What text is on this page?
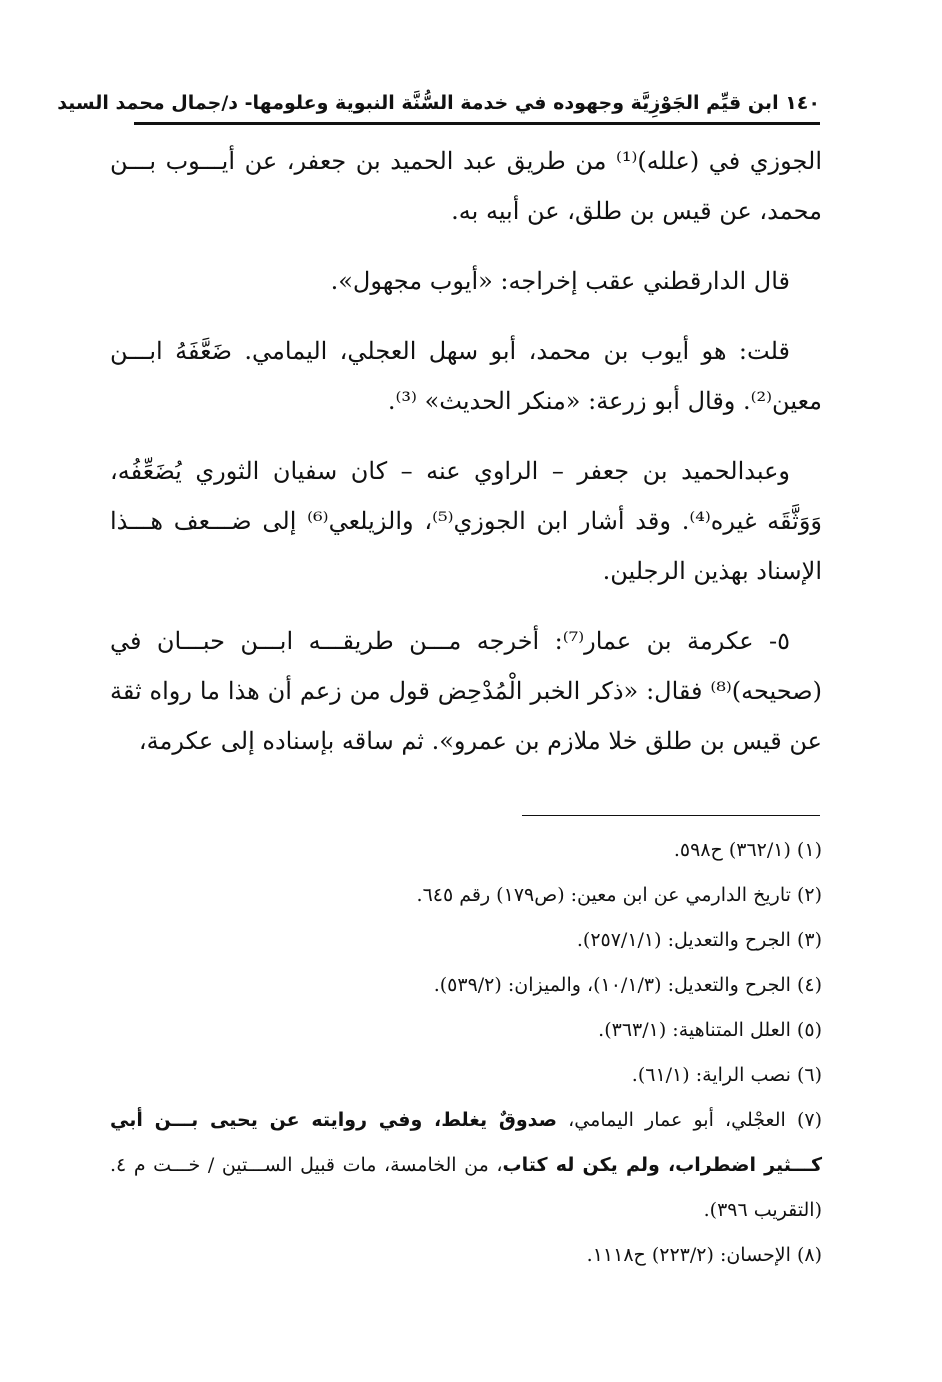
١٤٠ ابن قيِّم الجَوْزِيَّة وجهوده في خدمة السُّنَّة النبوية وعلومها- د/جمال محمد السيد

الجوزي في (علله)⁽¹⁾ من طريق عبد الحميد بن جعفر، عن أيـــوب بـــن محمد، عن قيس بن طلق، عن أبيه به.

قال الدارقطني عقب إخراجه: «أيوب مجهول».

قلت: هو أيوب بن محمد، أبو سهل العجلي، اليمامي. ضَعَّفَهُ ابـــن معين⁽²⁾. وقال أبو زرعة: «منكر الحديث» ⁽³⁾.

وعبدالحميد بن جعفر – الراوي عنه – كان سفيان الثوري يُضَعِّفُه، وَوَثَّقَه غيره⁽⁴⁾. وقد أشار ابن الجوزي⁽⁵⁾، والزيلعي⁽⁶⁾ إلى ضـــعف هـــذا الإسناد بهذين الرجلين.

٥- عكرمة بن عمار⁽⁷⁾: أخرجه مـــن طريقـــه ابـــن حبـــان في (صحيحه)⁽⁸⁾ فقال: «ذكر الخبر الْمُدْحِض قول من زعم أن هذا ما رواه ثقة عن قيس بن طلق خلا ملازم بن عمرو». ثم ساقه بإسناده إلى عكرمة،

(١) (٣٦٢/١) ح٥٩٨.

(٢) تاريخ الدارمي عن ابن معين: (ص١٧٩) رقم ٦٤٥.

(٣) الجرح والتعديل: (٢٥٧/١/١).

(٤) الجرح والتعديل: (١٠/١/٣)، والميزان: (٥٣٩/٢).

(٥) العلل المتناهية: (٣٦٣/١).

(٦) نصب الراية: (٦١/١).

(٧) العجْلي، أبو عمار اليمامي، صدوقٌ يغلط، وفي روايته عن يحيى بـــن أبي كـــثير اضطراب، ولم يكن له كتاب، من الخامسة، مات قبيل الســـتين / خـــت م ٤. (التقريب ٣٩٦).

(٨) الإحسان: (٢٢٣/٢) ح١١١٨.
